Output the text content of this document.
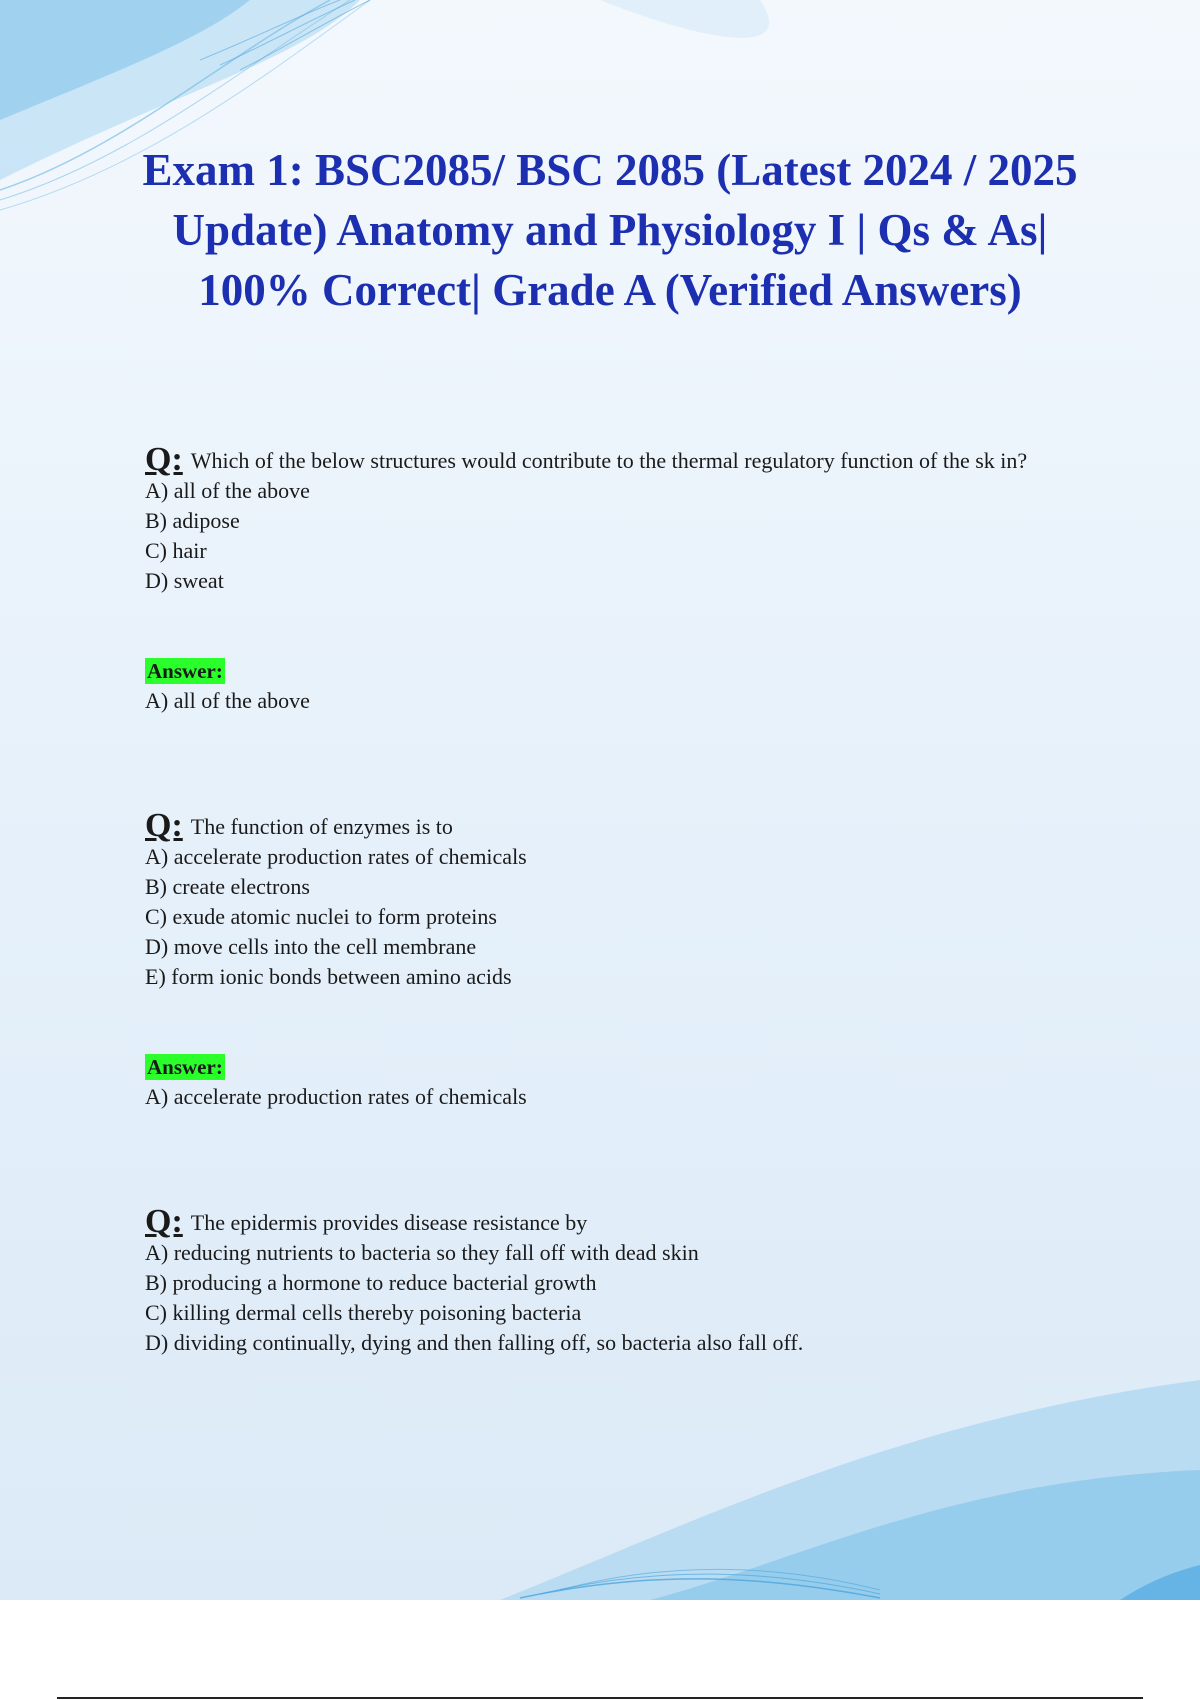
Exam 1: BSC2085/ BSC 2085 (Latest 2024 / 2025 Update) Anatomy and Physiology I | Qs & As| 100% Correct| Grade A (Verified Answers)

Q: Which of the below structures would contribute to the thermal regulatory function of the sk in?

A) all of the above

B) adipose

C) hair

D) sweat

Answer:

A) all of the above

Q: The function of enzymes is to

A) accelerate production rates of chemicals

B) create electrons

C) exude atomic nuclei to form proteins

D) move cells into the cell membrane

E) form ionic bonds between amino acids

Answer:

A) accelerate production rates of chemicals

Q: The epidermis provides disease resistance by

A) reducing nutrients to bacteria so they fall off with dead skin

B) producing a hormone to reduce bacterial growth

C) killing dermal cells thereby poisoning bacteria

D) dividing continually, dying and then falling off, so bacteria also fall off.
